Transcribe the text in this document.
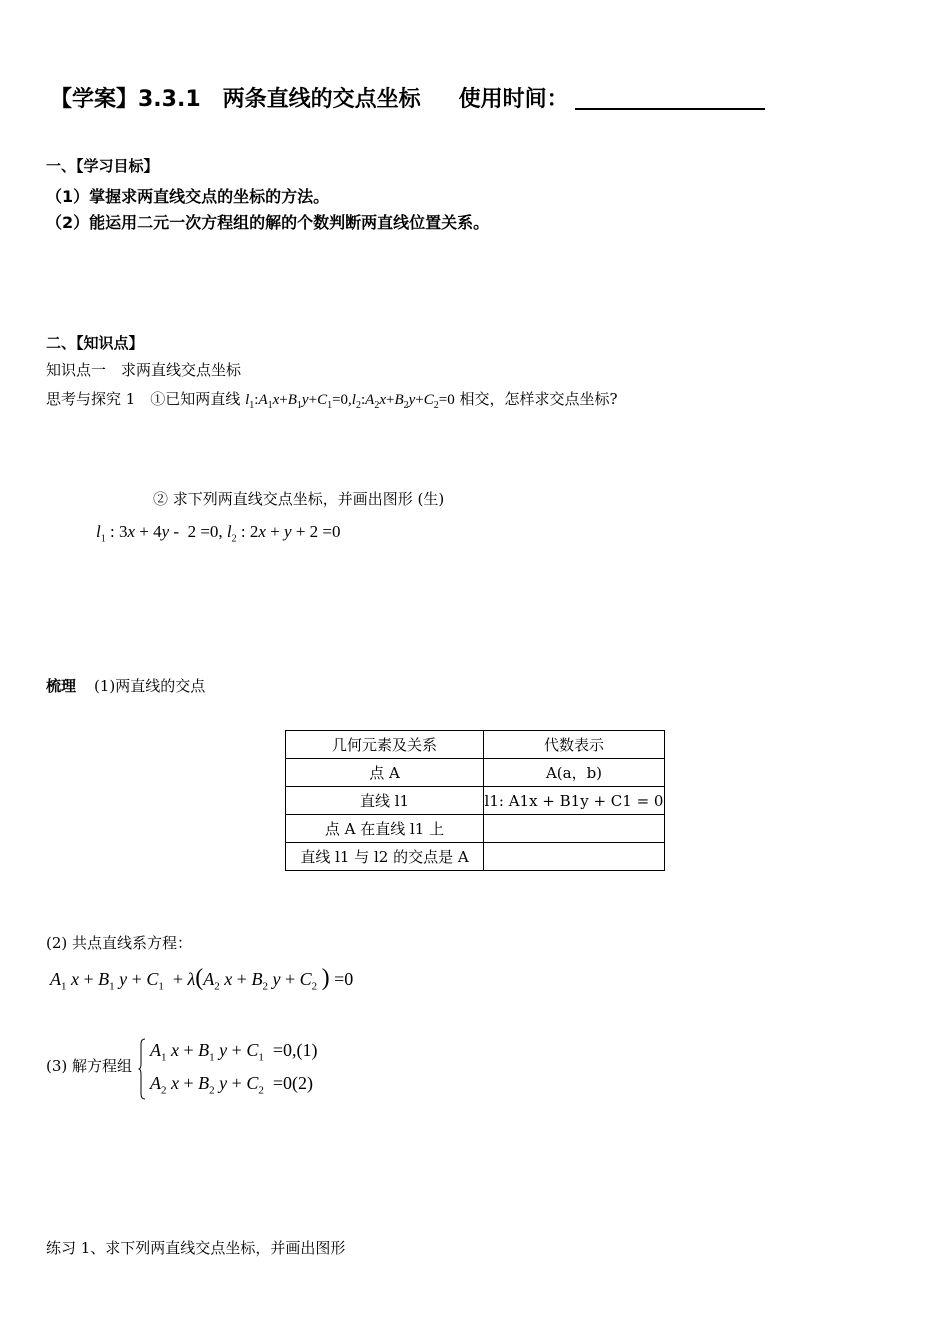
【学案】3.3.1　两条直线的交点坐标 使用时间：
一、【学习目标】
（1）掌握求两直线交点的坐标的方法。
（2）能运用二元一次方程组的解的个数判断两直线位置关系。
二、【知识点】
知识点一　求两直线交点坐标
思考与探究 1　①已知两直线 $l_1:A_1x+B_1y+C_1=0,l_2:A_2x+B_2y+C_2=0$ 相交，怎样求交点坐标?
② 求下列两直线交点坐标，并画出图形 (生)
$l_1$ : 3x + 4y -  2 =0, $l_2$ : 2x + y + 2 =0
梳理 (1)两直线的交点
几何元素及关系	代数表示
点 A	A(a，b)
直线 l1	l1: A1x + B1y + C1 = 0
点 A 在直线 l1 上	
直线 l1 与 l2 的交点是 A	
(2) 共点直线系方程：
$A_1$ $x + B_1$ $y + C_1 + \lambda(A_2$ $x + B_2$ $y + C_2$ ) =0
(3) 解方程组
$A_1$ $x + B_1$ $y + C_1 =0,(1)$
$A_2$ $x + B_2$ $y + C_2 =0(2)$
练习 1、求下列两直线交点坐标，并画出图形
